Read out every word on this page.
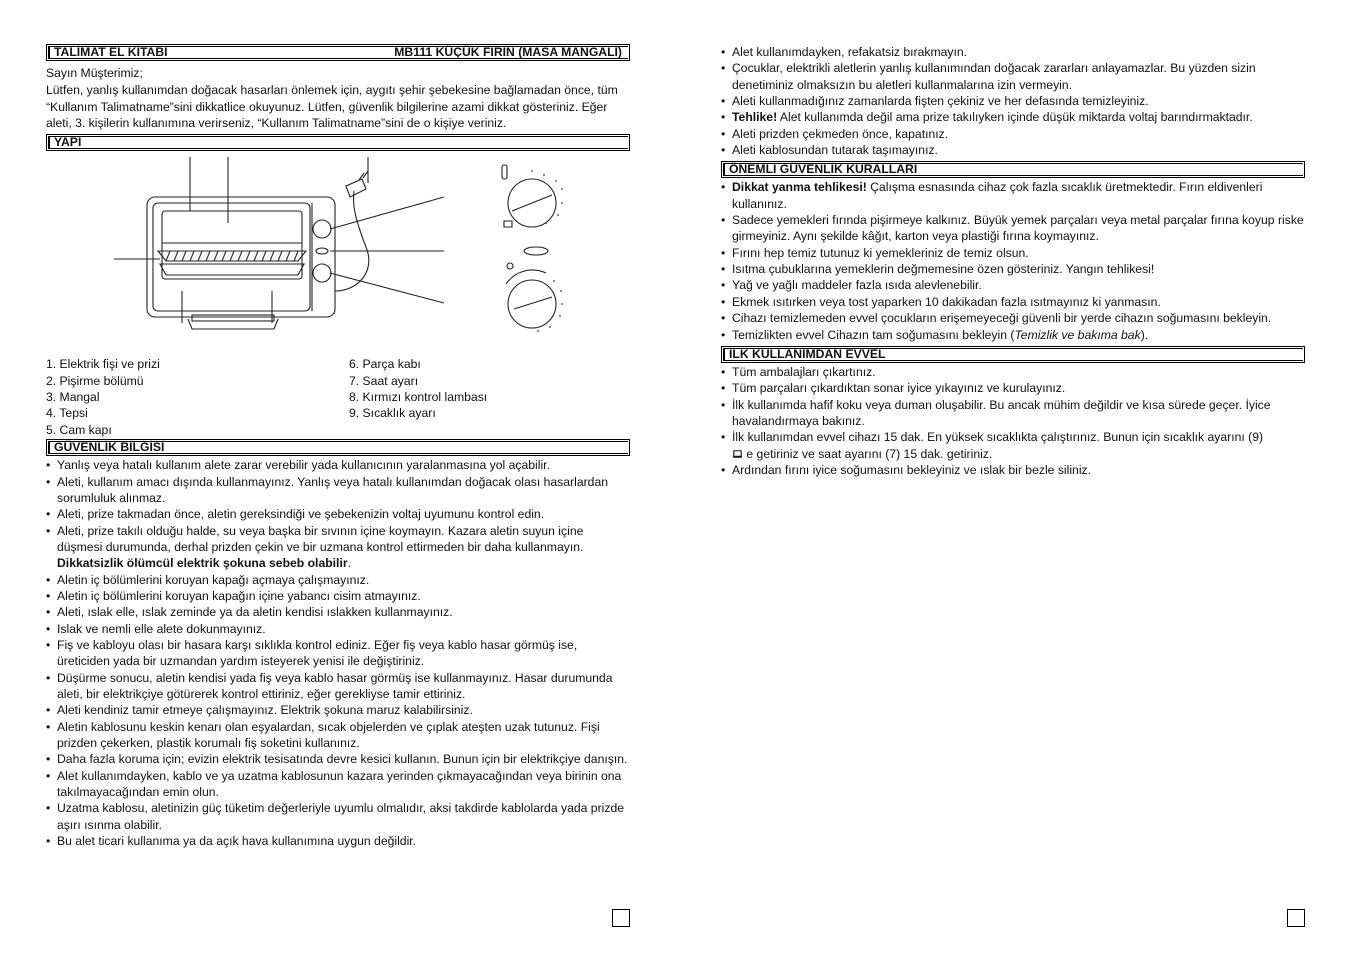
TALİMAT EL KİTABI	MB111 KÜÇÜK FIRIN (MASA MANGALI)
Sayın Müşterimiz;
Lütfen, yanlış kullanımdan doğacak hasarları önlemek için, aygıtı şehir şebekesine bağlamadan önce, tüm “Kullanım Talimatname”sini dikkatlice okuyunuz. Lütfen, güvenlik bilgilerine azami dikkat gösteriniz. Eğer aleti, 3. kişilerin kullanımına verirseniz, “Kullanım Talimatname”sini de o kişiye veriniz.
YAPI
1. Elektrik fişi ve prizi
2. Pişirme bölümü
3. Mangal
4. Tepsi
5. Cam kapı
6. Parça kabı
7. Saat ayarı
8. Kırmızı kontrol lambası
9. Sıcaklık ayarı
GÜVENLİK BİLGİSİ
• Yanlış veya hatalı kullanım alete zarar verebilir yada kullanıcının yaralanmasına yol açabilir.
• Aleti, kullanım amacı dışında kullanmayınız. Yanlış veya hatalı kullanımdan doğacak olası hasarlardan sorumluluk alınmaz.
• Aleti, prize takmadan önce, aletin gereksindiği ve şebekenizin voltaj uyumunu kontrol edin.
• Aleti, prize takılı olduğu halde, su veya başka bir sıvının içine koymayın. Kazara aletin suyun içine düşmesi durumunda, derhal prizden çekin ve bir uzmana kontrol ettirmeden bir daha kullanmayın.
Dikkatsizlik ölümcül elektrik şokuna sebeb olabilir.
• Aletin iç bölümlerini koruyan kapağı açmaya çalışmayınız.
• Aletin iç bölümlerini koruyan kapağın içine yabancı cisim atmayınız.
• Aleti, ıslak elle, ıslak zeminde ya da aletin kendisi ıslakken kullanmayınız.
• Islak ve nemli elle alete dokunmayınız.
• Fiş ve kabloyu olası bir hasara karşı sıklıkla kontrol ediniz. Eğer fiş veya kablo hasar görmüş ise, üreticiden yada bir uzmandan yardım isteyerek yenisi ile değiştiriniz.
• Düşürme sonucu, aletin kendisi yada fiş veya kablo hasar görmüş ise kullanmayınız. Hasar durumunda aleti, bir elektrikçiye götürerek kontrol ettiriniz, eğer gerekliyse tamir ettiriniz.
• Aleti kendiniz tamir etmeye çalışmayınız. Elektrik şokuna maruz kalabilirsiniz.
• Aletin kablosunu keskin kenarı olan eşyalardan, sıcak objelerden ve çıplak ateşten uzak tutunuz. Fişi prizden çekerken, plastik korumalı fiş soketini kullanınız.
• Daha fazla koruma için; evizin elektrik tesisatında devre kesici kullanın. Bunun için bir elektrikçiye danışın.
• Alet kullanımdayken, kablo ve ya uzatma kablosunun kazara yerinden çıkmayacağından veya birinin ona takılmayacağından emin olun.
• Uzatma kablosu, aletinizin güç tüketim değerleriyle uyumlu olmalıdır, aksi takdirde kablolarda yada prizde aşırı ısınma olabilir.
• Bu alet ticari kullanıma ya da açık hava kullanımına uygun değildir.
• Alet kullanımdayken, refakatsiz bırakmayın.
• Çocuklar, elektrikli aletlerin yanlış kullanımından doğacak zararları anlayamazlar. Bu yüzden sizin denetiminiz olmaksızın bu aletleri kullanmalarına izin vermeyin.
• Aleti kullanmadığınız zamanlarda fişten çekiniz ve her defasında temizleyiniz.
• Tehlike! Alet kullanımda değil ama prize takılıyken içinde düşük miktarda voltaj barındırmaktadır.
• Aleti prizden çekmeden önce, kapatınız.
• Aleti kablosundan tutarak taşımayınız.
ÖNEMLİ GÜVENLİK KURALLARI
• Dikkat yanma tehlikesi! Çalışma esnasında cihaz çok fazla sıcaklık üretmektedir. Fırın eldivenleri kullanınız.
• Sadece yemekleri fırında pişirmeye kalkınız. Büyük yemek parçaları veya metal parçalar fırına koyup riske girmeyiniz. Aynı şekilde kâğıt, karton veya plastiği fırına koymayınız.
• Fırını hep temiz tutunuz ki yemekleriniz de temiz olsun.
• Isıtma çubuklarına yemeklerin değmemesine özen gösteriniz. Yangın tehlikesi!
• Yağ ve yağlı maddeler fazla ısıda alevlenebilir.
• Ekmek ısıtırken veya tost yaparken 10 dakikadan fazla ısıtmayınız ki yanmasın.
• Cihazı temizlemeden evvel çocukların erişemeyeceği güvenli bir yerde cihazın soğumasını bekleyin.
• Temizlikten evvel Cihazın tam soğumasını bekleyin (Temizlik ve bakıma bak).
İLK KULLANIMDAN EVVEL
• Tüm ambalajları çıkartınız.
• Tüm parçaları çıkardıktan sonar iyice yıkayınız ve kurulayınız.
• İlk kullanımda hafif koku veya duman oluşabilir. Bu ancak mühim değildir ve kısa sürede geçer. İyice havalandırmaya bakınız.
• İlk kullanımdan evvel cihazı 15 dak. En yüksek sıcaklıkta çalıştırınız. Bunun için sıcaklık ayarını (9)
e getiriniz ve saat ayarını (7) 15 dak. getiriniz.
• Ardından fırını iyice soğumasını bekleyiniz ve ıslak bir bezle siliniz.
